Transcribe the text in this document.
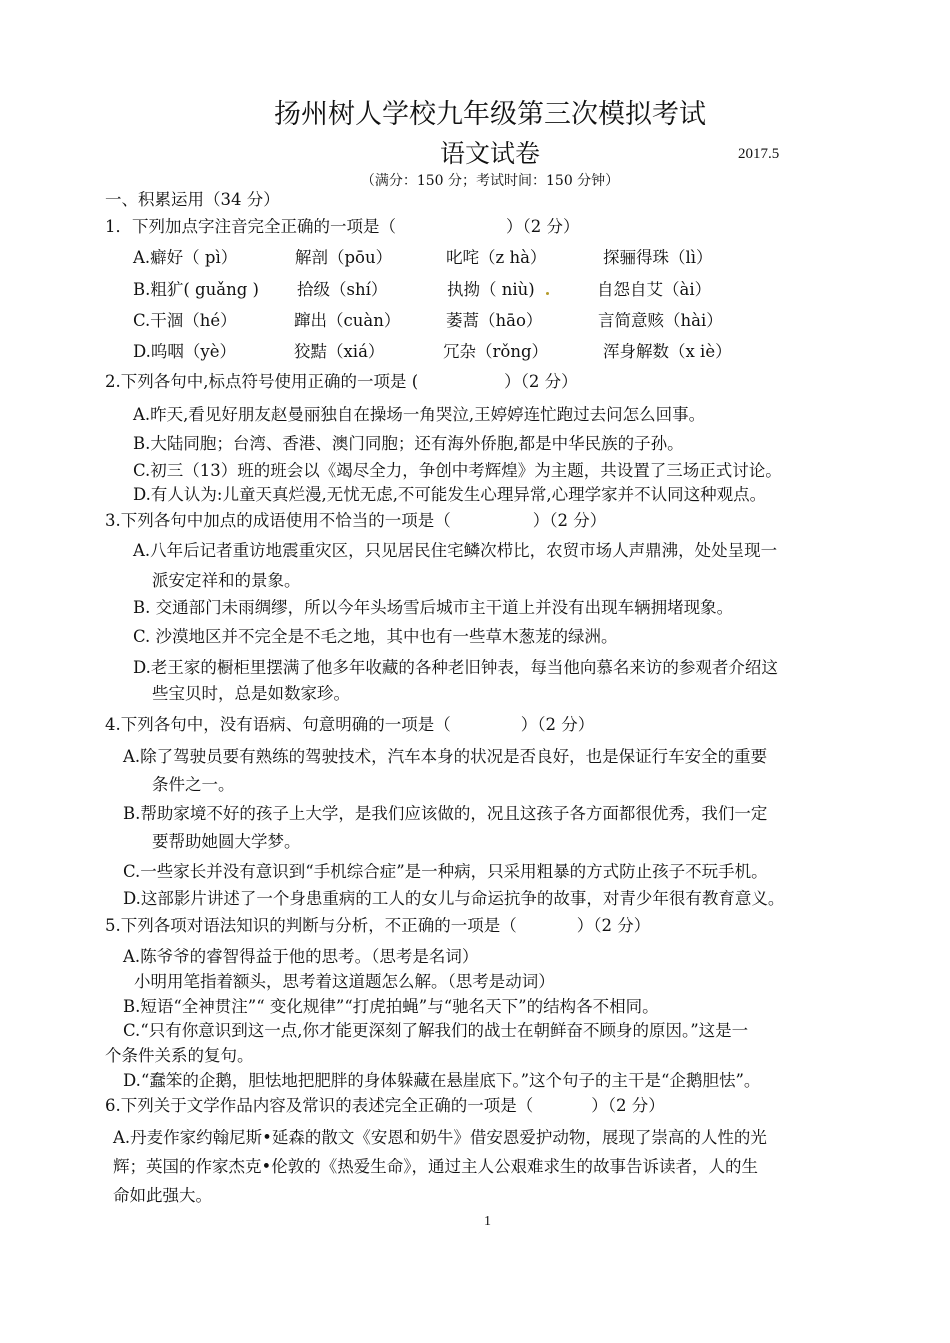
扬州树人学校九年级第三次模拟考试
语文试卷	2017.5
（满分：150 分；考试时间：150 分钟）
一、积累运用（34 分）
1．下列加点字注音完全正确的一项是（	）（2 分）
A.癖好（ pì）	解剖（pōu）	叱咤（z hà）	探骊得珠（lì）
B.粗犷( guǎng ) 拾级（shí）	执拗（ niù)	自怨自艾（ài）
C.干涸（hé）	蹿出（cuàn）	萎蒿（hāo）	言简意赅（hài）
D.呜咽（yè）	狡黠（xiá）	冗杂（rǒng）	浑身解数（x iè）
2.下列各句中,标点符号使用正确的一项是 (	）（2 分）
A.昨天,看见好朋友赵曼丽独自在操场一角哭泣,王婷婷连忙跑过去问怎么回事。
B.大陆同胞；台湾、香港、澳门同胞；还有海外侨胞,都是中华民族的子孙。
C.初三（13）班的班会以《竭尽全力，争创中考辉煌》为主题，共设置了三场正式讨论。
D.有人认为:儿童天真烂漫,无忧无虑,不可能发生心理异常,心理学家并不认同这种观点。
3.下列各句中加点的成语使用不恰当的一项是（	）（2 分）
A.八年后记者重访地震重灾区，只见居民住宅鳞次栉比，农贸市场人声鼎沸，处处呈现一
派安定祥和的景象。
B. 交通部门未雨绸缪，所以今年头场雪后城市主干道上并没有出现车辆拥堵现象。
C. 沙漠地区并不完全是不毛之地，其中也有一些草木葱茏的绿洲。
D.老王家的橱柜里摆满了他多年收藏的各种老旧钟表，每当他向慕名来访的参观者介绍这
些宝贝时，总是如数家珍。
4.下列各句中，没有语病、句意明确的一项是（	）（2 分）
A.除了驾驶员要有熟练的驾驶技术，汽车本身的状况是否良好，也是保证行车安全的重要
条件之一。
B.帮助家境不好的孩子上大学，是我们应该做的，况且这孩子各方面都很优秀，我们一定
要帮助她圆大学梦。
C.一些家长并没有意识到“手机综合症”是一种病，只采用粗暴的方式防止孩子不玩手机。
D.这部影片讲述了一个身患重病的工人的女儿与命运抗争的故事，对青少年很有教育意义。
5.下列各项对语法知识的判断与分析，不正确的一项是（	）（2 分）
A.陈爷爷的睿智得益于他的思考。（思考是名词）
小明用笔指着额头，思考着这道题怎么解。（思考是动词）
B.短语“全神贯注”“ 变化规律”“打虎拍蝇”与“驰名天下”的结构各不相同。
C.“只有你意识到这一点,你才能更深刻了解我们的战士在朝鲜奋不顾身的原因。”这是一
个条件关系的复句。
D.“蠢笨的企鹅，胆怯地把肥胖的身体躲藏在悬崖底下。”这个句子的主干是“企鹅胆怯”。
6.下列关于文学作品内容及常识的表述完全正确的一项是（	）（2 分）
A.丹麦作家约翰尼斯•延森的散文《安恩和奶牛》借安恩爱护动物，展现了崇高的人性的光
辉；英国的作家杰克•伦敦的《热爱生命》，通过主人公艰难求生的故事告诉读者，人的生
命如此强大。
1
